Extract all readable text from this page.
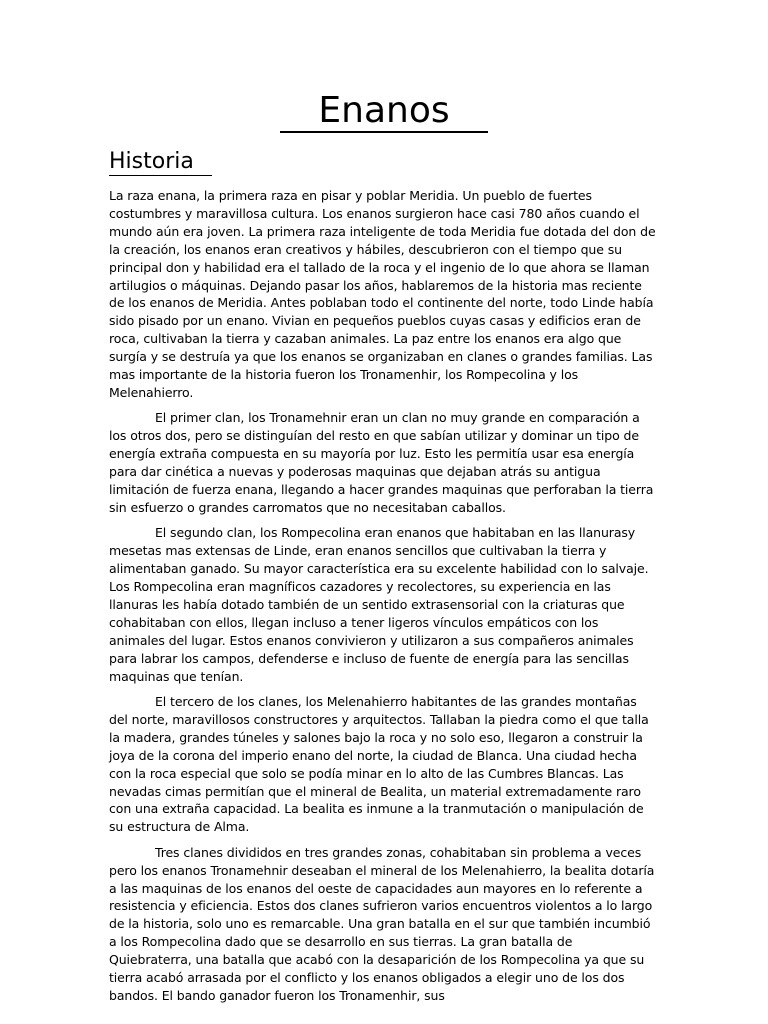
Enanos
Historia

La raza enana, la primera raza en pisar y poblar Meridia. Un pueblo de fuertes costumbres y maravillosa cultura. Los enanos surgieron hace casi 780 años cuando el mundo aún era joven. La primera raza inteligente de toda Meridia fue dotada del don de la creación, los enanos eran creativos y hábiles, descubrieron con el tiempo que su principal don y habilidad era el tallado de la roca y el ingenio de lo que ahora se llaman artilugios o máquinas. Dejando pasar los años, hablaremos de la historia mas reciente de los enanos de Meridia. Antes poblaban todo el continente del norte, todo Linde había sido pisado por un enano. Vivian en pequeños pueblos cuyas casas y edificios eran de roca, cultivaban la tierra y cazaban animales. La paz entre los enanos era algo que surgía y se destruía ya que los enanos se organizaban en clanes o grandes familias. Las mas importante de la historia fueron los Tronamenhir, los Rompecolina y los Melenahierro.

El primer clan, los Tronamehnir eran un clan no muy grande en comparación a los otros dos, pero se distinguían del resto en que sabían utilizar y dominar un tipo de energía extraña compuesta en su mayoría por luz. Esto les permitía usar esa energía para dar cinética a nuevas y poderosas maquinas que dejaban atrás su antigua limitación de fuerza enana, llegando a hacer grandes maquinas que perforaban la tierra sin esfuerzo o grandes carromatos que no necesitaban caballos.

El segundo clan, los Rompecolina eran enanos que habitaban en las llanurasy mesetas mas extensas de Linde, eran enanos sencillos que cultivaban la tierra y alimentaban ganado. Su mayor característica era su excelente habilidad con lo salvaje. Los Rompecolina eran magníficos cazadores y recolectores, su experiencia en las llanuras les había dotado también de un sentido extrasensorial con la criaturas que cohabitaban con ellos, llegan incluso a tener ligeros vínculos empáticos con los animales del lugar. Estos enanos convivieron y utilizaron a sus compañeros animales para labrar los campos, defenderse e incluso de fuente de energía para las sencillas maquinas que tenían.

El tercero de los clanes, los Melenahierro habitantes de las grandes montañas del norte, maravillosos constructores y arquitectos. Tallaban la piedra como el que talla la madera, grandes túneles y salones bajo la roca y no solo eso, llegaron a construir la joya de la corona del imperio enano del norte, la ciudad de Blanca. Una ciudad hecha con la roca especial que solo se podía minar en lo alto de las Cumbres Blancas. Las nevadas cimas permitían que el mineral de Bealita, un material extremadamente raro con una extraña capacidad. La bealita es inmune a la tranmutación o manipulación de su estructura de Alma.

Tres clanes divididos en tres grandes zonas, cohabitaban sin problema a veces pero los enanos Tronamehnir deseaban el mineral de los Melenahierro, la bealita dotaría a las maquinas de los enanos del oeste de capacidades aun mayores en lo referente a resistencia y eficiencia. Estos dos clanes sufrieron varios encuentros violentos a lo largo de la historia, solo uno es remarcable. Una gran batalla en el sur que también incumbió a los Rompecolina dado que se desarrollo en sus tierras. La gran batalla de Quiebraterra, una batalla que acabó con la desaparición de los Rompecolina ya que su tierra acabó arrasada por el conflicto y los enanos obligados a elegir uno de los dos bandos. El bando ganador fueron los Tronamenhir, sus
